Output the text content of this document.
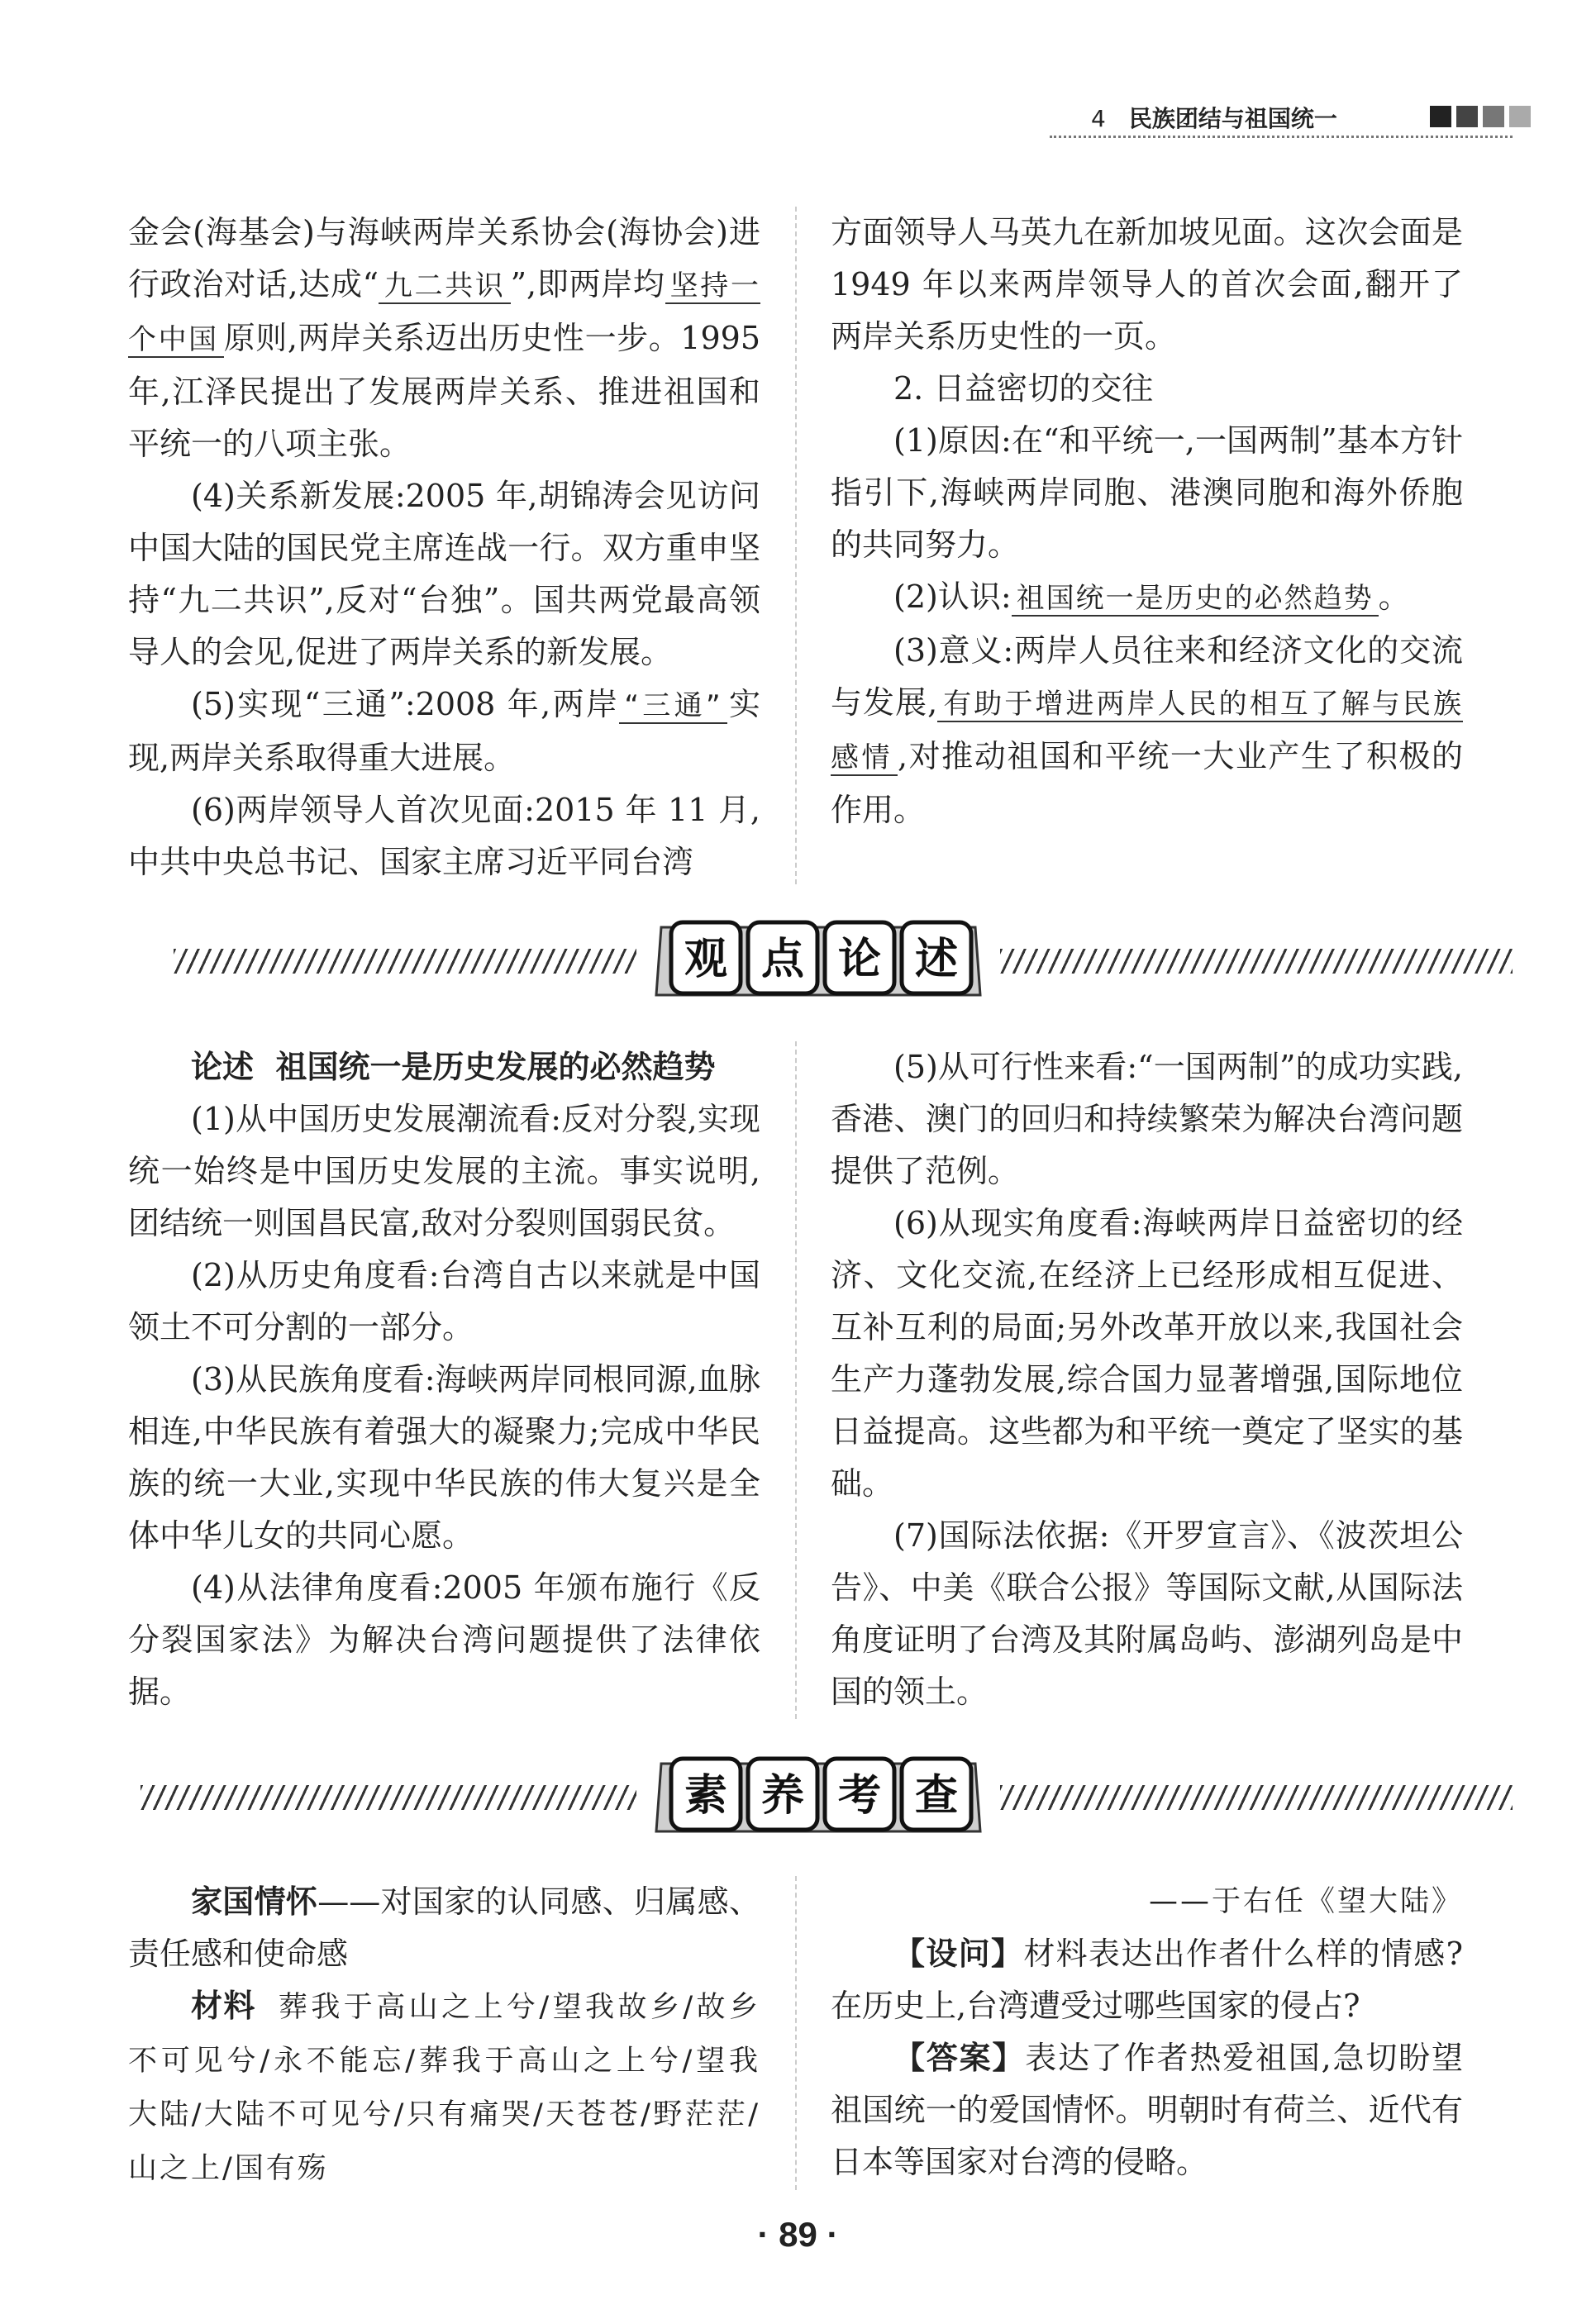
4 民族团结与祖国统一

金会(海基会)与海峡两岸关系协会(海协会)进行政治对话,达成“ 九二共识 ”,即两岸均 坚持一个中国 原则,两岸关系迈出历史性一步。1995 年,江泽民提出了发展两岸关系、推进祖国和平统一的八项主张。

(4)关系新发展:2005 年,胡锦涛会见访问中国大陆的国民党主席连战一行。双方重申坚持“九二共识”,反对“台独”。国共两党最高领导人的会见,促进了两岸关系的新发展。

(5)实现“三通”:2008 年,两岸 “三通” 实现,两岸关系取得重大进展。

(6)两岸领导人首次见面:2015 年 11 月,中共中央总书记、国家主席习近平同台湾

方面领导人马英九在新加坡见面。这次会面是 1949 年以来两岸领导人的首次会面,翻开了两岸关系历史性的一页。

2. 日益密切的交往

(1)原因:在“和平统一,一国两制”基本方针指引下,海峡两岸同胞、港澳同胞和海外侨胞的共同努力。

(2)认识: 祖国统一是历史的必然趋势 。

(3)意义:两岸人员往来和经济文化的交流与发展, 有助于增进两岸人民的相互了解与民族感情 ,对推动祖国和平统一大业产生了积极的作用。

观 点 论 述

论述 祖国统一是历史发展的必然趋势

(1)从中国历史发展潮流看:反对分裂,实现统一始终是中国历史发展的主流。事实说明,团结统一则国昌民富,敌对分裂则国弱民贫。

(2)从历史角度看:台湾自古以来就是中国领土不可分割的一部分。

(3)从民族角度看:海峡两岸同根同源,血脉相连,中华民族有着强大的凝聚力;完成中华民族的统一大业,实现中华民族的伟大复兴是全体中华儿女的共同心愿。

(4)从法律角度看:2005 年颁布施行《反分裂国家法》为解决台湾问题提供了法律依据。

(5)从可行性来看:“一国两制”的成功实践,香港、澳门的回归和持续繁荣为解决台湾问题提供了范例。

(6)从现实角度看:海峡两岸日益密切的经济、文化交流,在经济上已经形成相互促进、互补互利的局面;另外改革开放以来,我国社会生产力蓬勃发展,综合国力显著增强,国际地位日益提高。这些都为和平统一奠定了坚实的基础。

(7)国际法依据:《开罗宣言》、《波茨坦公告》、中美《联合公报》等国际文献,从国际法角度证明了台湾及其附属岛屿、澎湖列岛是中国的领土。

素 养 考 查

家国情怀——对国家的认同感、归属感、责任感和使命感

材料 葬我于高山之上兮/望我故乡/故乡不可见兮/永不能忘/葬我于高山之上兮/望我大陆/大陆不可见兮/只有痛哭/天苍苍/野茫茫/山之上/国有殇

——于右任《望大陆》

【设问】材料表达出作者什么样的情感?在历史上,台湾遭受过哪些国家的侵占?

【答案】表达了作者热爱祖国,急切盼望祖国统一的爱国情怀。明朝时有荷兰、近代有日本等国家对台湾的侵略。

· 89 ·
